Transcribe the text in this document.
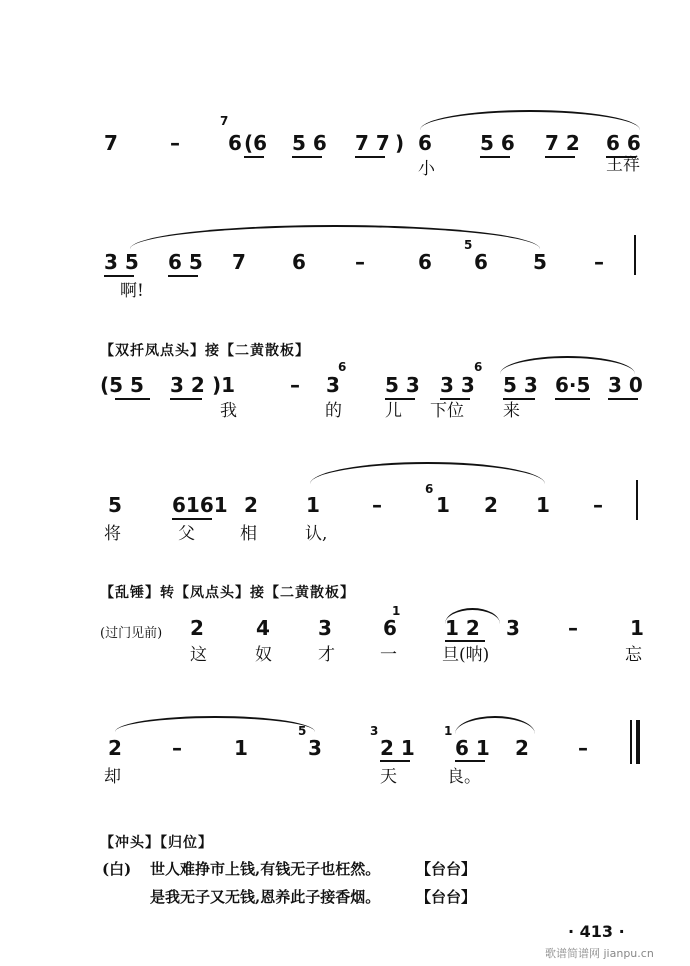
7
7	– 6 (6 5 6 7 7 ) 6 5 6 7 2 6 6
小	王祥
3 5 6 5 7 6 –	6
5
6 5 –
啊!
【双扦凤点头】接【二黄散板】
(5 5 3 2 )1	–
6
3 5 3 3 3
6
5 3 6·5 3 0
我	的	儿 下位 来
5	6161 2 1	–
6
1 2 1 –
将	父	相	认,
【乱锤】转【凤点头】接【二黄散板】
(过门见前) 2	4 3
1
6 1 2 3 –	1
这	奴	才	一	旦(呐)	忘
2	–	1
5
3
3
2 1
1
6 1 2 –
却	天	良。
【冲头】【归位】
(白) 世人难挣市上钱,有钱无子也枉然。 【台台】
是我无子又无钱,恩养此子接香烟。 【台台】
· 413 ·
歌谱简谱网 jianpu.cn
